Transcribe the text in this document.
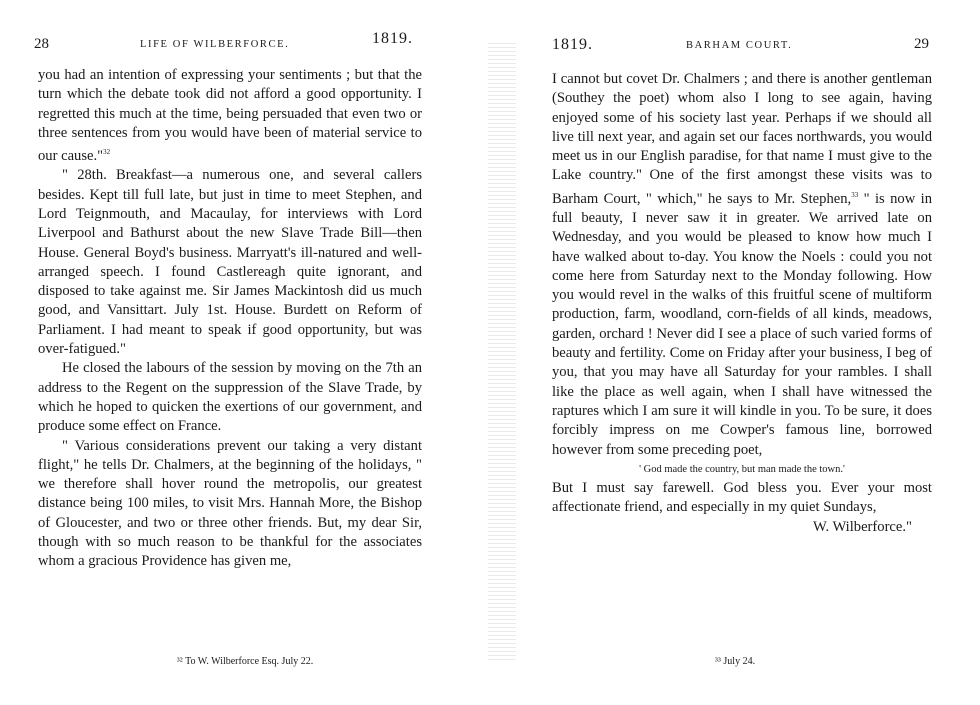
28	LIFE OF WILBERFORCE.	1819.

you had an intention of expressing your sentiments ; but that the turn which the debate took did not afford a good opportunity. I regretted this much at the time, being persuaded that even two or three sentences from you would have been of material service to our cause."$^{32}$

" 28th. Breakfast—a numerous one, and several callers besides. Kept till full late, but just in time to meet Stephen, and Lord Teignmouth, and Macaulay, for interviews with Lord Liverpool and Bathurst about the new Slave Trade Bill—then House. General Boyd's business. Marryatt's ill-natured and well-arranged speech. I found Castlereagh quite ignorant, and disposed to take against me. Sir James Mackintosh did us much good, and Vansittart. July 1st. House. Burdett on Reform of Parliament. I had meant to speak if good opportunity, but was over-fatigued."

He closed the labours of the session by moving on the 7th an address to the Regent on the suppression of the Slave Trade, by which he hoped to quicken the exertions of our government, and produce some effect on France.

" Various considerations prevent our taking a very distant flight," he tells Dr. Chalmers, at the beginning of the holidays, " we therefore shall hover round the metropolis, our greatest distance being 100 miles, to visit Mrs. Hannah More, the Bishop of Gloucester, and two or three other friends. But, my dear Sir, though with so much reason to be thankful for the associates whom a gracious Providence has given me,

³² To W. Wilberforce Esq. July 22.
1819.	BARHAM COURT.	29

I cannot but covet Dr. Chalmers ; and there is another gentleman (Southey the poet) whom also I long to see again, having enjoyed some of his society last year. Perhaps if we should all live till next year, and again set our faces northwards, you would meet us in our English paradise, for that name I must give to the Lake country." One of the first amongst these visits was to Barham Court, " which," he says to Mr. Stephen,$^{33}$ " is now in full beauty, I never saw it in greater. We arrived late on Wednesday, and you would be pleased to know how much I have walked about to-day. You know the Noels : could you not come here from Saturday next to the Monday following. How you would revel in the walks of this fruitful scene of multiform production, farm, woodland, corn-fields of all kinds, meadows, garden, orchard ! Never did I see a place of such varied forms of beauty and fertility. Come on Friday after your business, I beg of you, that you may have all Saturday for your rambles. I shall like the place as well again, when I shall have witnessed the raptures which I am sure it will kindle in you. To be sure, it does forcibly impress on me Cowper's famous line, borrowed however from some preceding poet,

' God made the country, but man made the town.'

But I must say farewell. God bless you. Ever your most affectionate friend, and especially in my quiet Sundays,

W. Wilberforce."

³³ July 24.
